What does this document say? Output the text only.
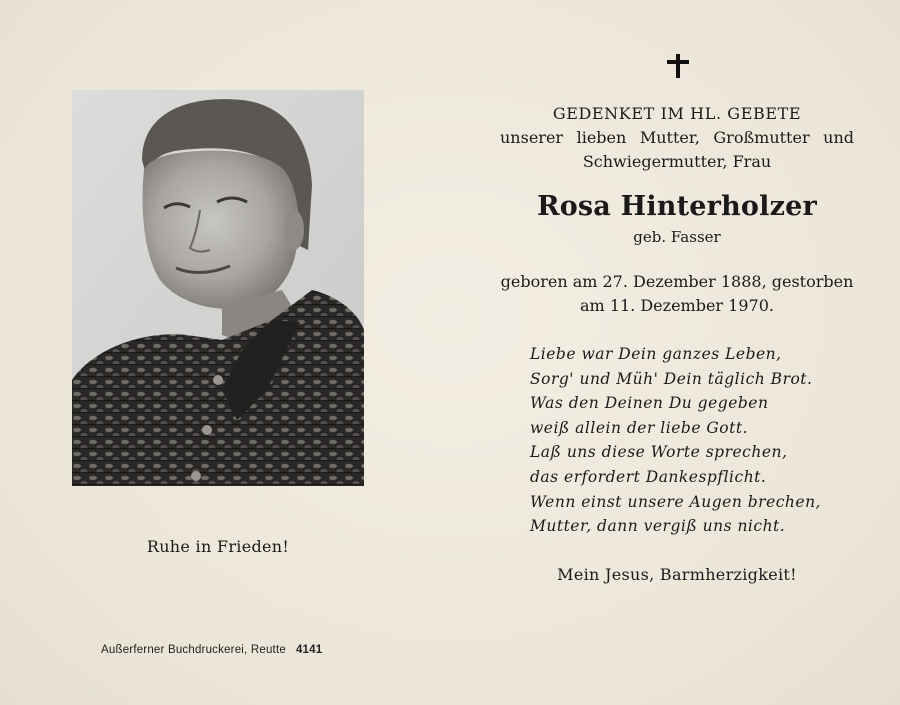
Ruhe in Frieden!
Außerferner Buchdruckerei, Reutte 4141
GEDENKET IM HL. GEBETE
unserer lieben Mutter, Großmutter und
Schwiegermutter, Frau
Rosa Hinterholzer
geb. Fasser
geboren am 27. Dezember 1888, gestorben
am 11. Dezember 1970.
Liebe war Dein ganzes Leben,
Sorg' und Müh' Dein täglich Brot.
Was den Deinen Du gegeben
weiß allein der liebe Gott.
Laß uns diese Worte sprechen,
das erfordert Dankespflicht.
Wenn einst unsere Augen brechen,
Mutter, dann vergiß uns nicht.
Mein Jesus, Barmherzigkeit!
